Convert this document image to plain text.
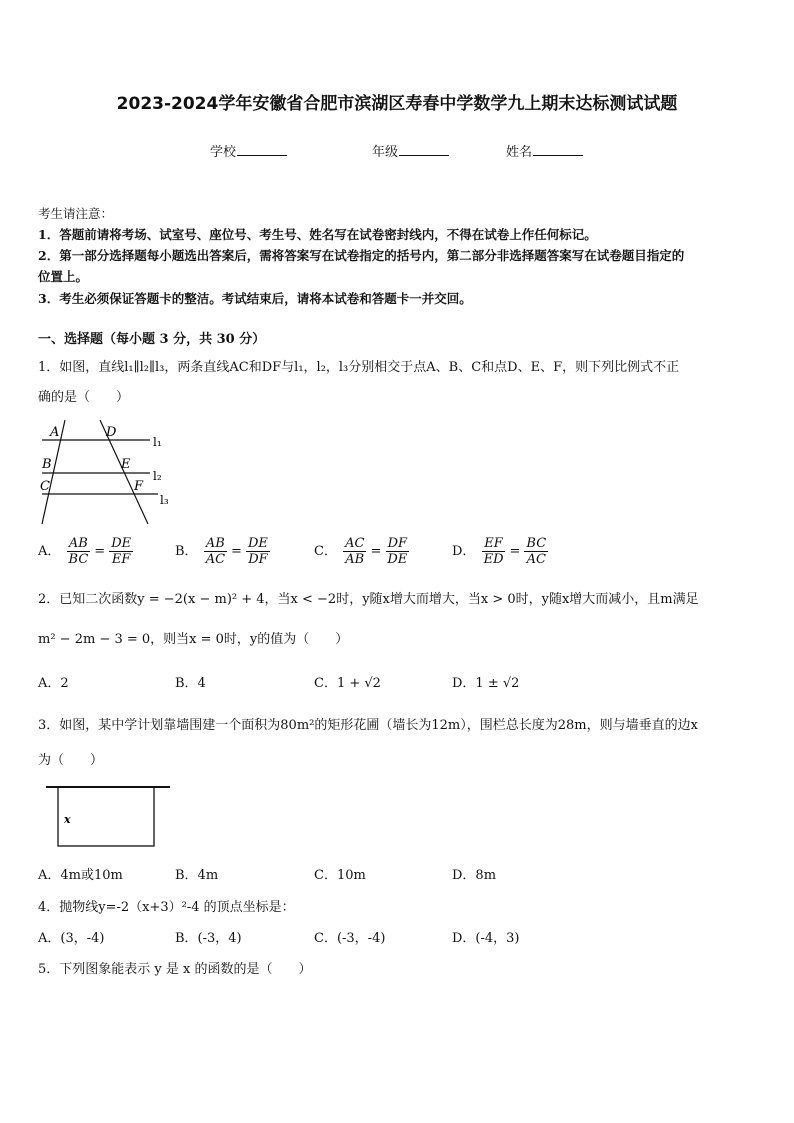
2023-2024学年安徽省合肥市滨湖区寿春中学数学九上期末达标测试试题
学校	年级	姓名
考生请注意：
1．答题前请将考场、试室号、座位号、考生号、姓名写在试卷密封线内，不得在试卷上作任何标记。
2．第一部分选择题每小题选出答案后，需将答案写在试卷指定的括号内，第二部分非选择题答案写在试卷题目指定的
位置上。
3．考生必须保证答题卡的整洁。考试结束后，请将本试卷和答题卡一并交回。
一、选择题（每小题 3 分，共 30 分）
1．如图，直线l₁∥l₂∥l₃，两条直线AC和DF与l₁，l₂，l₃分别相交于点A、B、C和点D、E、F，则下列比例式不正
确的是（　　）
A	D
B	E
C	F
l₁
l₂
l₃
A． $\frac{AB}{BC} = \frac{DE}{EF}$	B． $\frac{AB}{AC} = \frac{DE}{DF}$	C． $\frac{AC}{AB} = \frac{DF}{DE}$	D． $\frac{EF}{ED} = \frac{BC}{AC}$
2．已知二次函数y = −2(x − m)² + 4，当x < −2时，y随x增大而增大，当x > 0时，y随x增大而减小，且m满足
m² − 2m − 3 = 0，则当x = 0时，y的值为（　　）
A．2	B．4	C．1 + √2	D．1 ± √2
3．如图，某中学计划靠墙围建一个面积为80m²的矩形花圃（墙长为12m），围栏总长度为28m，则与墙垂直的边x
为（　　）
x
A．4m或10m	B．4m	C．10m	D．8m
4．抛物线y=-2（x+3）²-4 的顶点坐标是：
A．(3，-4)	B．(-3，4)	C．(-3，-4)	D．(-4，3)
5．下列图象能表示 y 是 x 的函数的是（　　）
